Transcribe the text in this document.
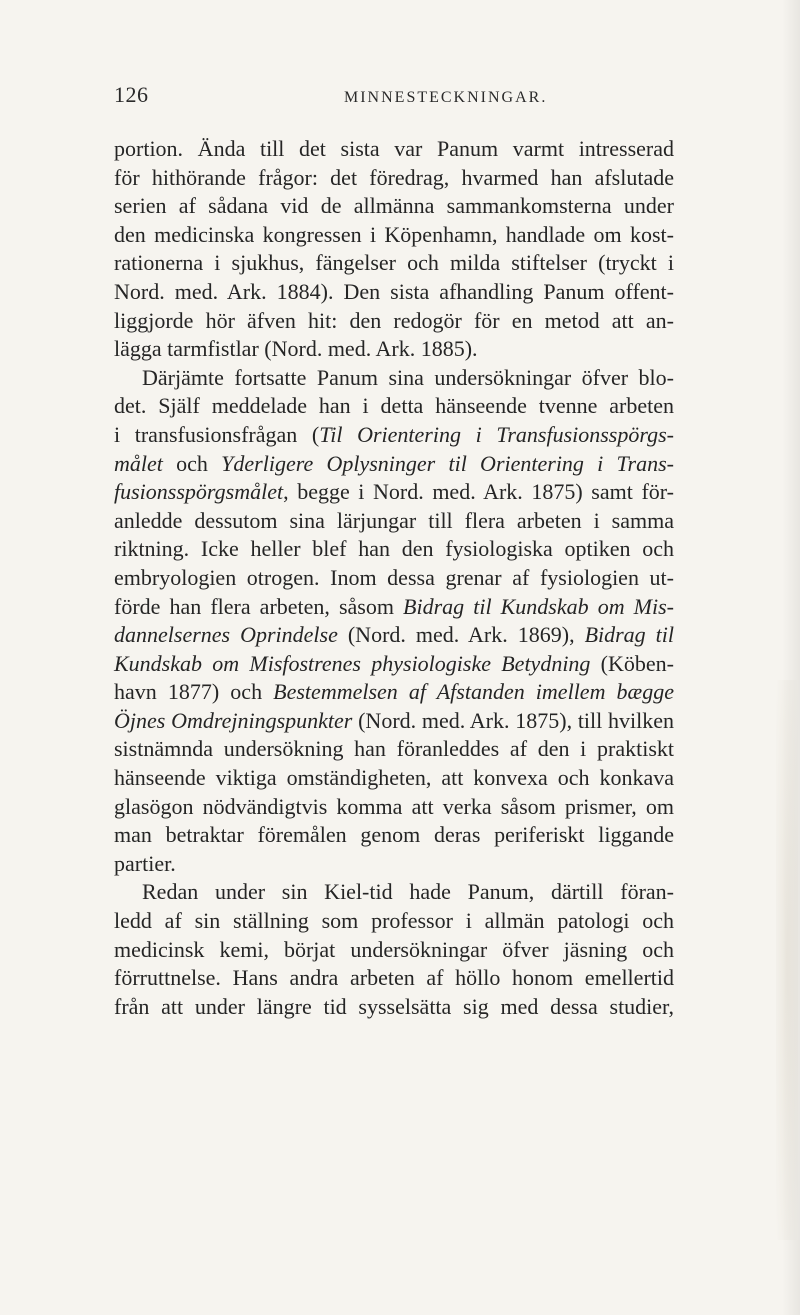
126	MINNESTECKNINGAR.
portion. Ända till det sista var Panum varmt intresserad
för hithörande frågor: det föredrag, hvarmed han afslutade
serien af sådana vid de allmänna sammankomsterna under
den medicinska kongressen i Köpenhamn, handlade om kost-
rationerna i sjukhus, fängelser och milda stiftelser (tryckt i
Nord. med. Ark. 1884). Den sista afhandling Panum offent-
liggjorde hör äfven hit: den redogör för en metod att an-
lägga tarmfistlar (Nord. med. Ark. 1885).
Därjämte fortsatte Panum sina undersökningar öfver blo-
det. Själf meddelade han i detta hänseende tvenne arbeten
i transfusionsfrågan (Til Orientering i Transfusionsspörgs-
målet och Yderligere Oplysninger til Orientering i Trans-
fusionsspörgsmålet, begge i Nord. med. Ark. 1875) samt för-
anledde dessutom sina lärjungar till flera arbeten i samma
riktning. Icke heller blef han den fysiologiska optiken och
embryologien otrogen. Inom dessa grenar af fysiologien ut-
förde han flera arbeten, såsom Bidrag til Kundskab om Mis-
dannelsernes Oprindelse (Nord. med. Ark. 1869), Bidrag til
Kundskab om Misfostrenes physiologiske Betydning (Köben-
havn 1877) och Bestemmelsen af Afstanden imellem bægge
Öjnes Omdrejningspunkter (Nord. med. Ark. 1875), till hvilken
sistnämnda undersökning han föranleddes af den i praktiskt
hänseende viktiga omständigheten, att konvexa och konkava
glasögon nödvändigtvis komma att verka såsom prismer, om
man betraktar föremålen genom deras periferiskt liggande
partier.
Redan under sin Kiel-tid hade Panum, därtill föran-
ledd af sin ställning som professor i allmän patologi och
medicinsk kemi, börjat undersökningar öfver jäsning och
förruttnelse. Hans andra arbeten af höllo honom emellertid
från att under längre tid sysselsätta sig med dessa studier,
